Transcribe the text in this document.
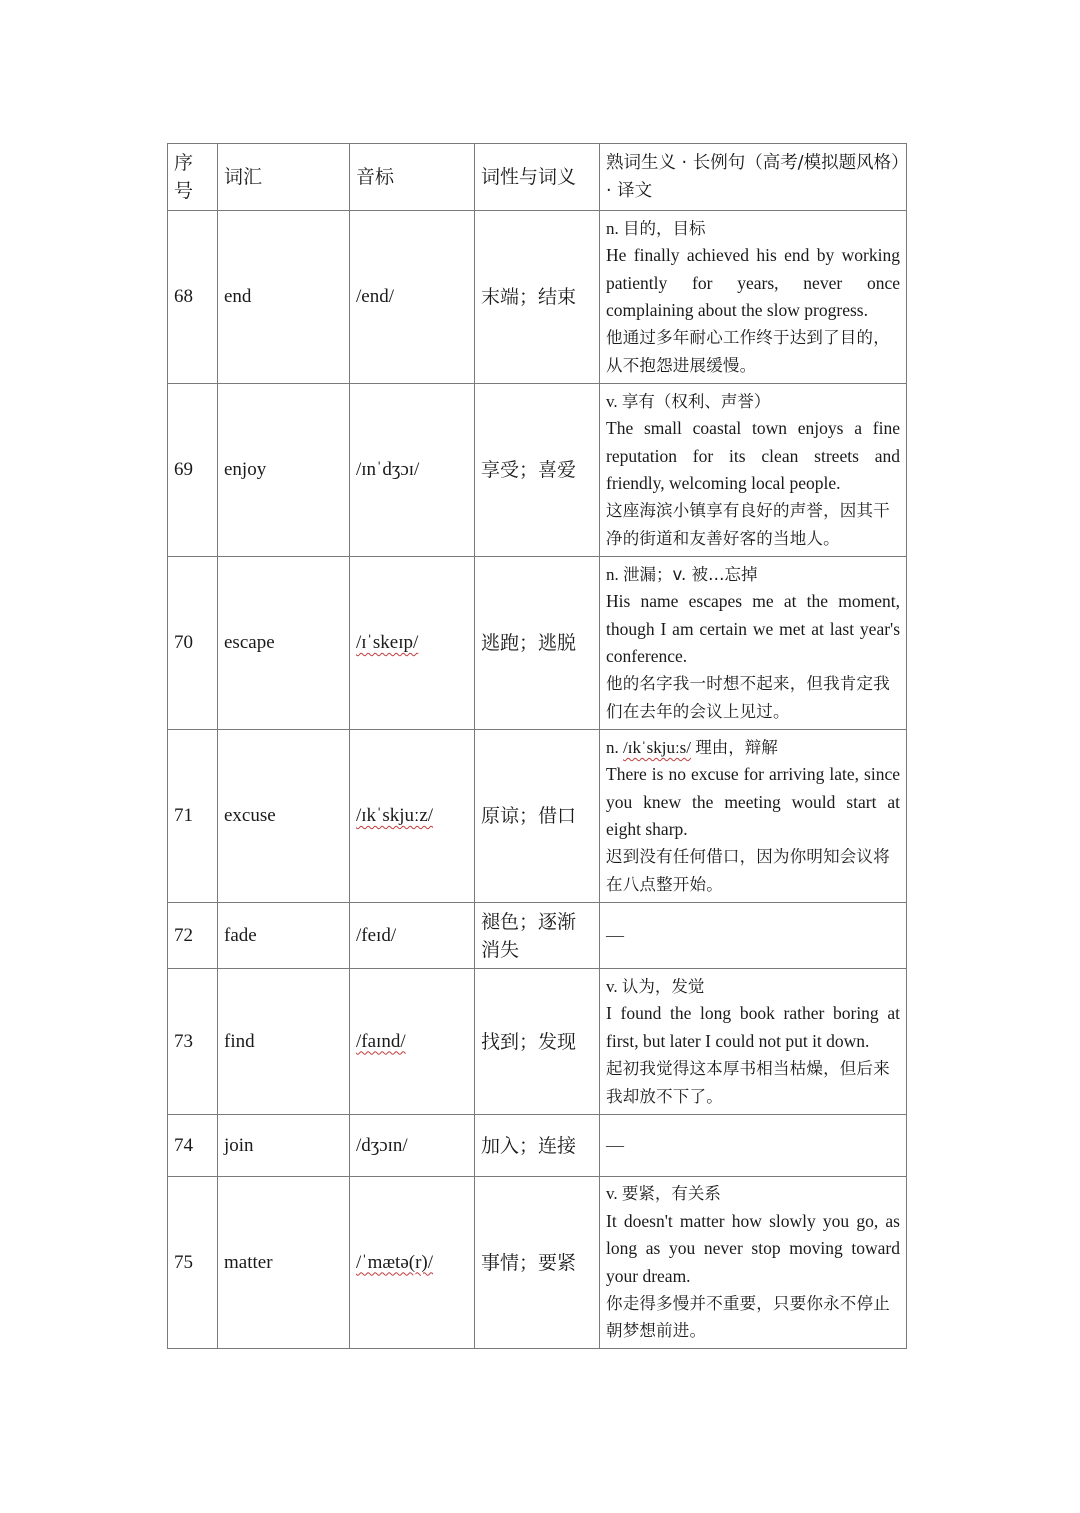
序号	词汇	音标	词性与词义	熟词生义 · 长例句（高考/模拟题风格）· 译文
68	end	/end/	末端；结束	n. 目的，目标
He finally achieved his end by working patiently for years, never once complaining about the slow progress.
他通过多年耐心工作终于达到了目的，从不抱怨进展缓慢。

69	enjoy	/ɪnˈdʒɔɪ/	享受；喜爱	v. 享有（权利、声誉）
The small coastal town enjoys a fine reputation for its clean streets and friendly, welcoming local people.
这座海滨小镇享有良好的声誉，因其干净的街道和友善好客的当地人。

70	escape	/ɪˈskeɪp/	逃跑；逃脱	n. 泄漏；v. 被…忘掉
His name escapes me at the moment, though I am certain we met at last year's conference.
他的名字我一时想不起来，但我肯定我们在去年的会议上见过。

71	excuse	/ɪkˈskjuːz/	原谅；借口	n. /ɪkˈskjuːs/ 理由，辩解
There is no excuse for arriving late, since you knew the meeting would start at eight sharp.
迟到没有任何借口，因为你明知会议将在八点整开始。

72	fade	/feɪd/	褪色；逐渐消失	—
73	find	/faɪnd/	找到；发现	v. 认为，发觉
I found the long book rather boring at first, but later I could not put it down.
起初我觉得这本厚书相当枯燥，但后来我却放不下了。

74	join	/dʒɔɪn/	加入；连接	—
75	matter	/ˈmætə(r)/	事情；要紧	v. 要紧，有关系
It doesn't matter how slowly you go, as long as you never stop moving toward your dream.
你走得多慢并不重要，只要你永不停止朝梦想前进。
